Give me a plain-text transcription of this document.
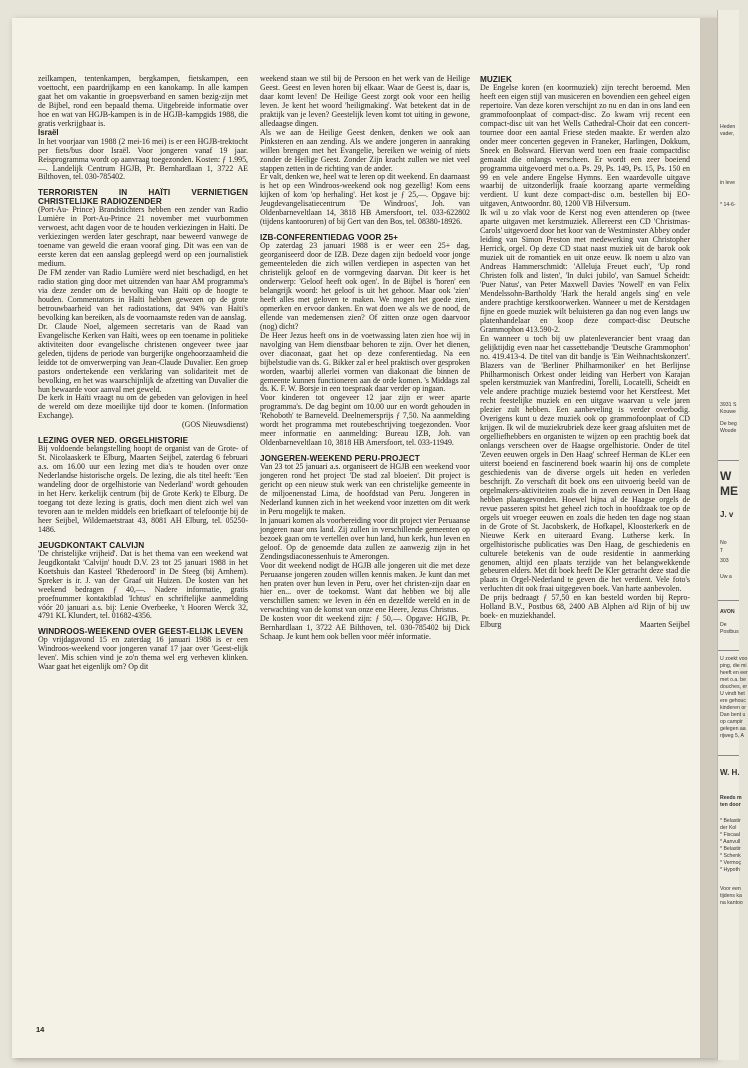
zeilkampen, tentenkampen, bergkampen, fietskampen, een voettocht, een paardrijkamp en een kanokamp. In alle kampen gaat het om vakantie in groepsverband en samen bezig-zijn met de Bijbel, rond een bepaald thema. Uitgebreide informatie over hoe en wat van HGJB-kampen is in de HGJB-kampgids 1988, die gratis verkrijgbaar is.

Israël

In het voorjaar van 1988 (2 mei-16 mei) is er een HGJB-trektocht per fiets/bus door Israël. Voor jongeren vanaf 19 jaar. Reisprogramma wordt op aanvraag toegezonden. Kosten: ƒ 1.995,—. Landelijk Centrum HGJB, Pr. Bernhardlaan 1, 3722 AE Bilthoven, tel. 030-785402.

TERRORISTEN IN HAÏTI VERNIETIGEN CHRISTELIJKE RADIOZENDER

(Port-Au- Prince) Brandstichters hebben een zender van Radio Lumière in Port-Au-Prince 21 november met vuurbommen verwoest, acht dagen voor de te houden verkiezingen in Haïti. De verkiezingen werden later geschrapt, naar beweerd vanwege de toename van geweld die eraan vooraf ging. Dit was een van de eerste keren dat een aanslag gepleegd werd op een journalistiek medium.

De FM zender van Radio Lumière werd niet beschadigd, en het radio station ging door met uitzenden van haar AM programma's via deze zender om de bevolking van Haïti op de hoogte te houden. Commentators in Haïti hebben gewezen op de grote betrouwbaarheid van het radiostations, dat 94% van Haïti's bevolking kan bereiken, als de voornaamste reden van de aanslag.

Dr. Claude Noel, algemeen secretaris van de Raad van Evangelische Kerken van Haïti, wees op een toename in politieke aktiviteiten door evangelische christenen ongeveer twee jaar geleden, tijdens de periode van burgerijke ongehoorzaamheid die leidde tot de omverwerping van Jean-Claude Duvalier. Een groep pastors ondertekende een verklaring van solidariteit met de bevolking, en het was waarschijnlijk de afzetting van Duvalier die hun bewaarde voor aanval met geweld.

De kerk in Haïti vraagt nu om de gebeden van gelovigen in heel de wereld om deze moeilijke tijd door te komen. (Information Exchange).

(GOS Nieuwsdienst)
LEZING OVER NED. ORGELHISTORIE

Bij voldoende belangstelling hoopt de organist van de Grote- of St. Nicolaaskerk te Elburg, Maarten Seijbel, zaterdag 6 februari a.s. om 16.00 uur een lezing met dia's te houden over onze Nederlandse historische orgels. De lezing, die als titel heeft: 'Een wandeling door de orgelhistorie van Nederland' wordt gehouden in het Herv. kerkelijk centrum (bij de Grote Kerk) te Elburg. De toegang tot deze lezing is gratis, doch men dient zich wel van tevoren aan te melden middels een briefkaart of telefoontje bij de heer Seijbel, Wildemaetstraat 43, 8081 AH Elburg, tel. 05250-1486.

JEUGDKONTAKT CALVIJN

'De christelijke vrijheid'. Dat is het thema van een weekend wat Jeugdkontakt 'Calvijn' houdt D.V. 23 tot 25 januari 1988 in het Koetshuis dan Kasteel 'Rhederoord' in De Steeg (bij Arnhem). Spreker is ir. J. van der Graaf uit Huizen. De kosten van het weekend bedragen ƒ 40,—. Nadere informatie, gratis proefnummer kontaktblad 'Ichtus' en schriftelijke aanmelding vóór 20 januari a.s. bij: Lenie Overbeeke, 't Hooren Werck 32, 4791 KL Klundert, tel. 01682-4356.

WINDROOS-WEEKEND OVER GEEST-ELIJK LEVEN

Op vrijdagavond 15 en zaterdag 16 januari 1988 is er een Windroos-weekend voor jongeren vanaf 17 jaar over 'Geest-elijk leven'. Mis schien vind je zo'n thema wel erg verheven klinken. Waar gaat het eigenlijk om? Op dit

weekend staan we stil bij de Persoon en het werk van de Heilige Geest. Geest en leven horen bij elkaar. Waar de Geest is, daar is, daar komt leven! De Heilige Geest zorgt ook voor een heilig leven. Je kent het woord 'heiligmaking'. Wat betekent dat in de praktijk van je leven? Geestelijk leven komt tot uiting in gewone, alledaagse dingen.

Als we aan de Heilige Geest denken, denken we ook aan Pinksteren en aan zending. Als we andere jongeren in aanraking willen brengen met het Evangelie, bereiken we weinig of niets zonder de Heilige Geest. Zonder Zijn kracht zullen we niet veel stappen zetten in de richting van de ander.

Er valt, denken we, heel wat te leren op dit weekend. En daarnaast is het op een Windroos-weekend ook nog gezellig! Kom eens kijken of kom 'op herhaling'. Het kost je ƒ 25,—. Opgave bij: Jeugdevangelisatiecentrum 'De Windroos', Joh. van Oldenbarneveltlaan 14, 3818 HB Amersfoort, tel. 033-622802 (tijdens kantooruren) of bij Gert van den Bos, tel. 08380-18926.

IZB-CONFERENTIEDAG VOOR 25+

Op zaterdag 23 januari 1988 is er weer een 25+ dag, georganiseerd door de IZB. Deze dagen zijn bedoeld voor jonge gemeenteleden die zich willen verdiepen in aspecten van het christelijk geloof en de vormgeving daarvan. Dit keer is het onderwerp: 'Geloof heeft ook ogen'. In de Bijbel is 'horen' een belangrijk woord: het geloof is uit het gehoor. Maar ook 'zien' heeft alles met geloven te maken. We mogen het goede zien, opmerken en ervoor danken. En wat doen we als we de nood, de ellende van medemensen zien? Of zitten onze ogen daarvoor (nog) dicht?

De Heer Jezus heeft ons in de voetwassing laten zien hoe wij in navolging van Hem dienstbaar behoren te zijn. Over het dienen, over diaconaat, gaat het op deze conferentiedag. Na een bijbelstudie van ds. G. Bikker zal er heel praktisch over gesproken worden, waarbij allerlei vormen van diakonaat die binnen de gemeente kunnen functioneren aan de orde komen. 's Middags zal ds. K. F. W. Borsje in een toespraak daar verder op ingaan.

Voor kinderen tot ongeveer 12 jaar zijn er weer aparte programma's. De dag begint om 10.00 uur en wordt gehouden in 'Rehoboth' te Barneveld. Deelnemersprijs ƒ 7,50. Na aanmelding wordt het programma met routebeschrijving toegezonden. Voor meer informatie en aanmelding: Bureau IZB, Joh. van Oldenbarneveltlaan 10, 3818 HB Amersfoort, tel. 033-11949.

JONGEREN-WEEKEND PERU-PROJECT

Van 23 tot 25 januari a.s. organiseert de HGJB een weekend voor jongeren rond het project 'De stad zal bloeien'. Dit project is gericht op een nieuw stuk werk van een christelijke gemeente in de miljoenenstad Lima, de hoofdstad van Peru. Jongeren in Nederland kunnen zich in het weekend voor inzetten om dit werk in Peru mogelijk te maken.

In januari komen als voorbereiding voor dit project vier Peruaanse jongeren naar ons land. Zij zullen in verschillende gemeenten op bezoek gaan om te vertellen over hun land, hun kerk, hun leven en geloof. Op de genoemde data zullen ze aanwezig zijn in het Zendingsdiaconessenhuis te Amerongen.

Voor dit weekend nodigt de HGJB alle jongeren uit die met deze Peruaanse jongeren zouden willen kennis maken. Je kunt dan met hen praten over hun leven in Peru, over het christen-zijn daar en hier en... over de toekomst. Want dat hebben we bij alle verschillen samen: we leven in één en dezelfde wereld en in de verwachting van de komst van onze ene Heere, Jezus Christus.

De kosten voor dit weekend zijn: ƒ 50,—. Opgave: HGJB, Pr. Bernhardlaan 1, 3722 AE Bilthoven, tel. 030-785402 bij Dick Schaap. Je kunt hem ook bellen voor méér informatie.

MUZIEK

De Engelse koren (en koormuziek) zijn terecht beroemd. Men heeft een eigen stijl van musiceren en bovendien een geheel eigen repertoire. Van deze koren verschijnt zo nu en dan in ons land een grammofoonplaat of compact-disc. Zo kwam vrij recent een compact-disc uit van het Wells Cathedral-Choir dat een concert-tournee door een aantal Friese steden maakte. Er werden alzo onder meer concerten gegeven in Franeker, Harlingen, Dokkum, Sneek en Bolsward. Hiervan werd toen een fraaie compactdisc gemaakt die onlangs verscheen. Er wordt een zeer boeiend programma uitgevoerd met o.a. Ps. 29, Ps. 149, Ps. 15, Ps. 150 en 99 en vele andere Engelse Hymns. Een waardevolle uitgave waarbij de uitzonderlijk fraaie koorzang aparte vermelding verdient. U kunt deze compact-disc o.m. bestellen bij EO-uitgaven, Antwoordnr. 80, 1200 VB Hilversum.

Ik wil u zo vlak voor de Kerst nog even attenderen op (twee aparte uitgaven met kerstmuziek. Allereerst een CD 'Christmas-Carols' uitgevoerd door het koor van de Westminster Abbey onder leiding van Simon Preston met medewerking van Christopher Herrick, orgel. Op deze CD staat naast muziek uit de barok ook muziek uit de romantiek en uit onze eeuw. Ik noem u alzo van Andreas Hammerschmidt: 'Alleluja Freuet euch', 'Up rond Christen folk and listen', 'In dulci jubilo', van Samuel Scheidt: 'Puer Natus', van Peter Maxwell Davies 'Nowell' en van Felix Mendelssohn-Bartholdy 'Hark the herald angels sing' en vele andere prachtige kerstkoorwerken. Wanneer u met de Kerstdagen fijne en goede muziek wilt beluisteren ga dan nog even langs uw platenhandelaar en koop deze compact-disc Deutsche Grammophon 413.590-2.

En wanneer u toch bij uw platenleverancier bent vraag dan gelijktijdig even naar het cassettebandje 'Deutsche Grammophon' no. 419.413-4. De titel van dit bandje is 'Ein Weihnachtskonzert'. Blazers van de 'Berliner Philharmoniker' en het Berlijnse Philharmonisch Orkest onder leiding van Herbert von Karajan spelen kerstmuziek van Manfredini, Torelli, Locatelli, Scheidt en vele andere prachtige muziek bestemd voor het Kerstfeest. Met recht feestelijke muziek en een uitgave waarvan u vele jaren plezier zult hebben. Een aanbeveling is verder overbodig. Overigens kunt u deze muziek ook op grammofoonplaat of CD krijgen. Ik wil de muziekrubriek deze keer graag afsluiten met de orgelliefhebbers en organisten te wijzen op een prachtig boek dat onlangs verscheen over de Haagse orgelhistorie. Onder de titel 'Zeven eeuwen orgels in Den Haag' schreef Herman de KLer een uiterst boeiend en fascinerend boek waarin hij ons de complete geschiedenis van de diverse orgels uit heden en verleden beschrijft. Zo verschaft dit boek ons een uitvoerig beeld van de orgelmakers-aktiviteiten zoals die in zeven eeuwen in Den Haag hebben plaatsgevonden. Hoewel bijna al de Haagse orgels de revue passeren spitst het geheel zich toch in hoofdzaak toe op de orgels uit vroeger eeuwen en zoals die heden ten dage nog staan in de Grote of St. Jacobskerk, de Hofkapel, Kloosterkerk en de Nieuwe Kerk en uiteraard Evang. Lutherse kerk. In orgelhistorische publicaties was Den Haag, de geschiedenis en culturele betekenis van de oude residentie in aanmerking genomen, altijd een plaats terzijde van het belangwekkende gebeuren elders. Met dit boek heeft De Kler getracht deze stad die plaats in Orgel-Nederland te geven die het verdient. Vele foto's verluchten dit ook fraai uitgegeven boek. Van harte aanbevolen.

De prijs bedraagt ƒ 57,50 en kan besteld worden bij Repro-Holland B.V., Postbus 68, 2400 AB Alphen a/d Rijn of bij uw boek- en muziekhandel.

Elburg	Maarten Seijbel
14
Heden
vader,
in leve
* 14-6-
3931 S
Kouwe
De beg
Woude
W
ME
J. v
No
T
303
Uw a
AVON
De
Postbus
U zoekt voo
ping, die mi
heeft en eer
met o.a. be
douches, er
U vindt het
ere gehouc
kinderen or
Dan bent u
op campir
gelegen aa
rijweg 5, A
W. H.
Reeds m
ten door
* Belastir
der Kol
* Fiscaal
* Aanvull
* Belastir
* Schenk
* Vermoç
* Hypoth
Voor een
tijdens ka
na kantoo
